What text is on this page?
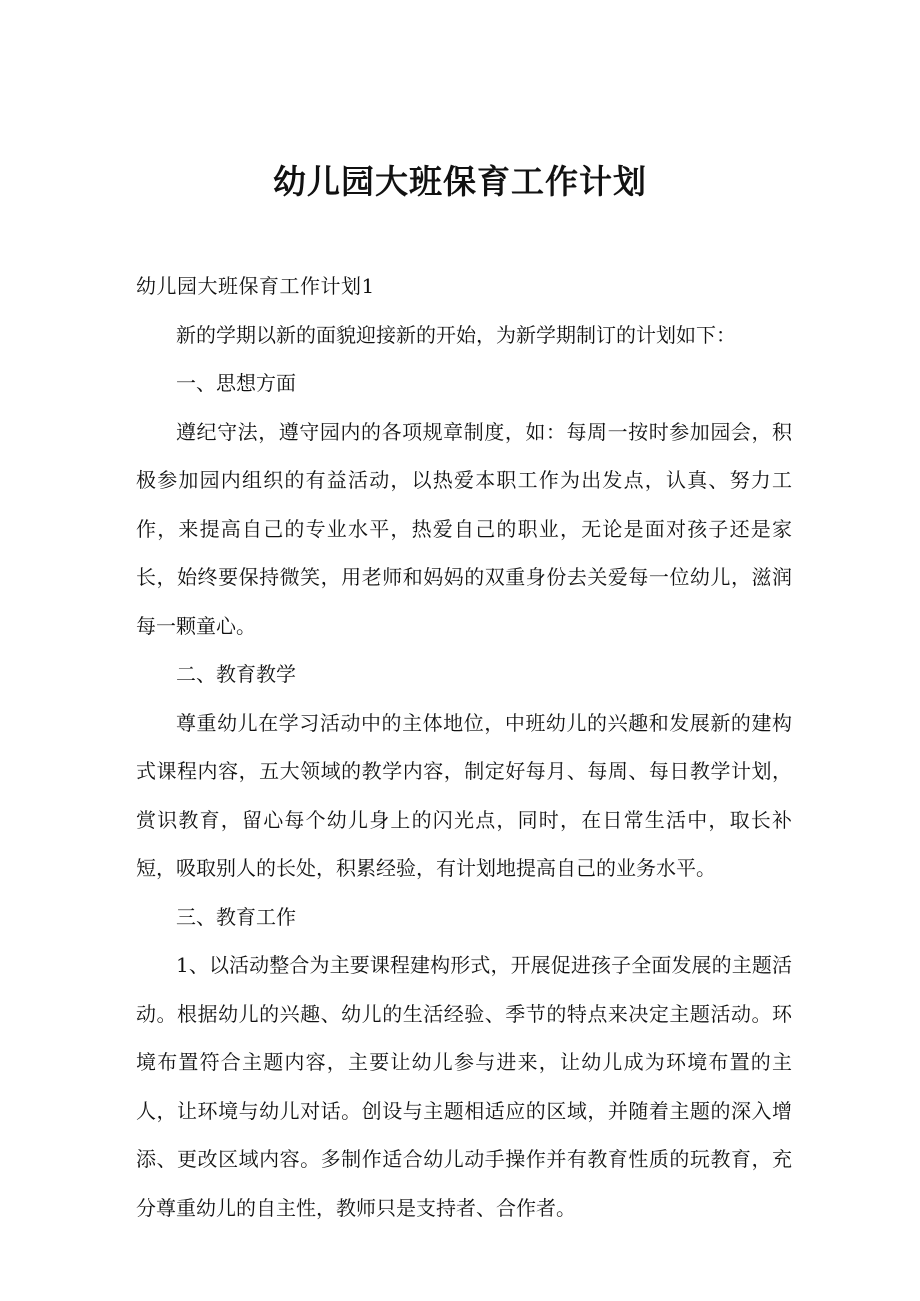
幼儿园大班保育工作计划

幼儿园大班保育工作计划1

新的学期以新的面貌迎接新的开始，为新学期制订的计划如下：

一、思想方面

遵纪守法，遵守园内的各项规章制度，如：每周一按时参加园会，积极参加园内组织的有益活动，以热爱本职工作为出发点，认真、努力工作，来提高自己的专业水平，热爱自己的职业，无论是面对孩子还是家长，始终要保持微笑，用老师和妈妈的双重身份去关爱每一位幼儿，滋润每一颗童心。

二、教育教学

尊重幼儿在学习活动中的主体地位，中班幼儿的兴趣和发展新的建构式课程内容，五大领域的教学内容，制定好每月、每周、每日教学计划，赏识教育，留心每个幼儿身上的闪光点，同时，在日常生活中，取长补短，吸取别人的长处，积累经验，有计划地提高自己的业务水平。

三、教育工作

1、以活动整合为主要课程建构形式，开展促进孩子全面发展的主题活动。根据幼儿的兴趣、幼儿的生活经验、季节的特点来决定主题活动。环境布置符合主题内容，主要让幼儿参与进来，让幼儿成为环境布置的主人，让环境与幼儿对话。创设与主题相适应的区域，并随着主题的深入增添、更改区域内容。多制作适合幼儿动手操作并有教育性质的玩教育，充分尊重幼儿的自主性，教师只是支持者、合作者。
